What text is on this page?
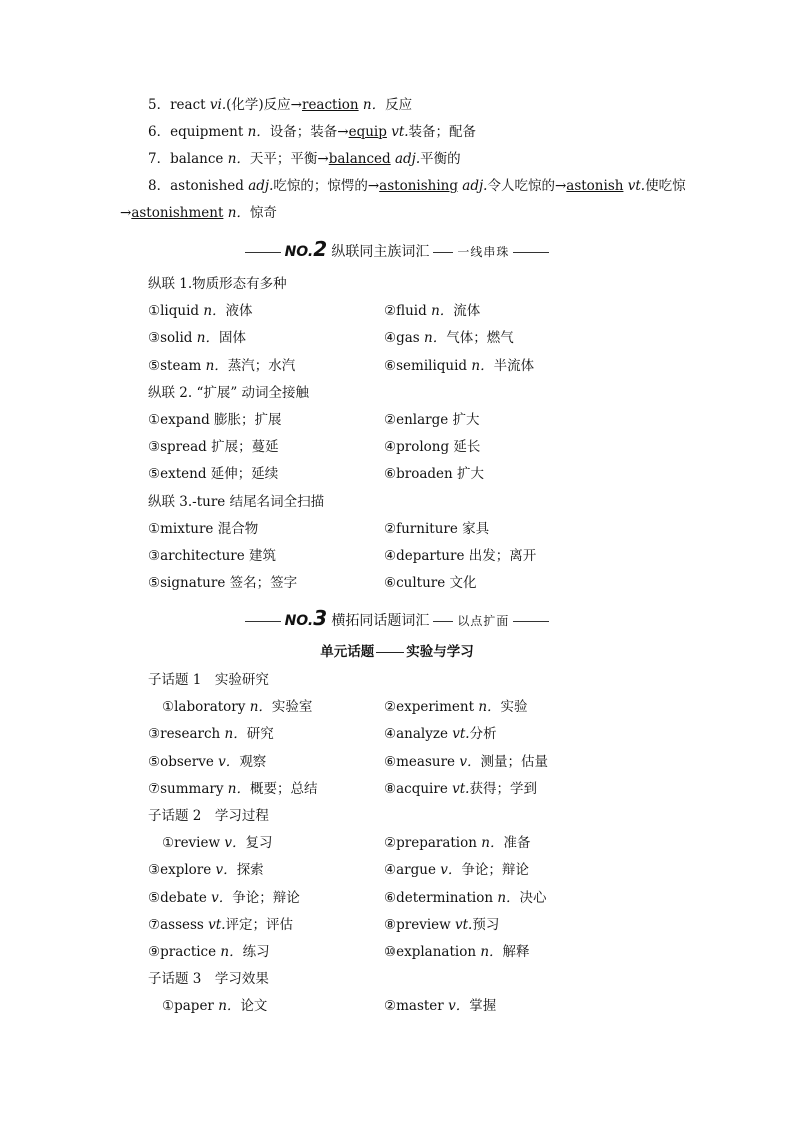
5．react vi.(化学)反应→reaction n．反应
6．equipment n．设备；装备→equip vt.装备；配备
7．balance n．天平；平衡→balanced adj.平衡的
8．astonished adj.吃惊的；惊愕的→astonishing adj.令人吃惊的→astonish vt.使吃惊
→astonishment n．惊奇
NO.2 纵联同主族词汇 一线串珠
纵联 1.物质形态有多种
①liquid n．液体	②fluid n．流体
③solid n．固体	④gas n．气体；燃气
⑤steam n．蒸汽；水汽	⑥semiliquid n．半流体
纵联 2. “扩展” 动词全接触
①expand 膨胀；扩展	②enlarge 扩大
③spread 扩展；蔓延	④prolong 延长
⑤extend 延伸；延续	⑥broaden 扩大
纵联 3.-ture 结尾名词全扫描
①mixture 混合物	②furniture 家具
③architecture 建筑	④departure 出发；离开
⑤signature 签名；签字	⑥culture 文化
NO.3 横拓同话题词汇 以点扩面
单元话题 实验与学习
子话题 1　实验研究
①laboratory n．实验室	②experiment n．实验
③research n．研究	④analyze vt.分析
⑤observe v．观察	⑥measure v．测量；估量
⑦summary n．概要；总结	⑧acquire vt.获得；学到
子话题 2　学习过程
①review v．复习	②preparation n．准备
③explore v．探索	④argue v．争论；辩论
⑤debate v．争论；辩论	⑥determination n．决心
⑦assess vt.评定；评估	⑧preview vt.预习
⑨practice n．练习	⑩explanation n．解释
子话题 3　学习效果
①paper n．论文	②master v．掌握
